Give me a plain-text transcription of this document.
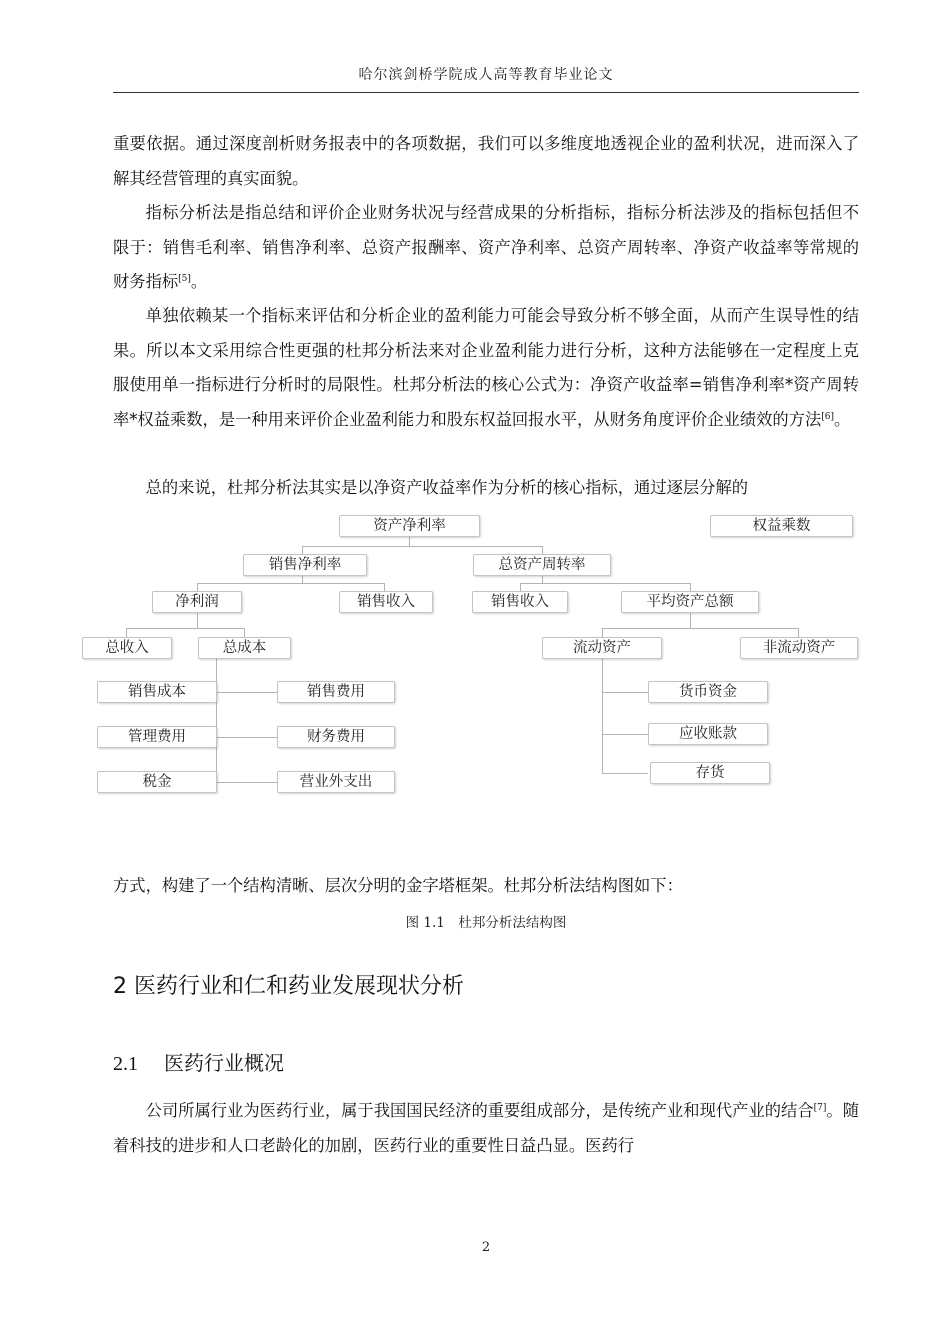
哈尔滨剑桥学院成人高等教育毕业论文

重要依据。通过深度剖析财务报表中的各项数据，我们可以多维度地透视企业的盈利状况，进而深入了解其经营管理的真实面貌。

指标分析法是指总结和评价企业财务状况与经营成果的分析指标，指标分析法涉及的指标包括但不限于：销售毛利率、销售净利率、总资产报酬率、资产净利率、总资产周转率、净资产收益率等常规的财务指标[5]。

单独依赖某一个指标来评估和分析企业的盈利能力可能会导致分析不够全面，从而产生误导性的结果。所以本文采用综合性更强的杜邦分析法来对企业盈利能力进行分析，这种方法能够在一定程度上克服使用单一指标进行分析时的局限性。杜邦分析法的核心公式为：净资产收益率=销售净利率*资产周转率*权益乘数，是一种用来评价企业盈利能力和股东权益回报水平，从财务角度评价企业绩效的方法[6]。

总的来说，杜邦分析法其实是以净资产收益率作为分析的核心指标，通过逐层分解的

资产净利率	权益乘数
销售净利率	总资产周转率
净利润	销售收入	销售收入	平均资产总额
总收入	总成本	流动资产	非流动资产
销售成本	销售费用
管理费用	财务费用
税金	营业外支出
货币资金
应收账款
存货

方式，构建了一个结构清晰、层次分明的金字塔框架。杜邦分析法结构图如下：

图 1.1　杜邦分析法结构图
2 医药行业和仁和药业发展现状分析
2.1 医药行业概况

公司所属行业为医药行业，属于我国国民经济的重要组成部分，是传统产业和现代产业的结合[7]。随着科技的进步和人口老龄化的加剧，医药行业的重要性日益凸显。医药行

2
